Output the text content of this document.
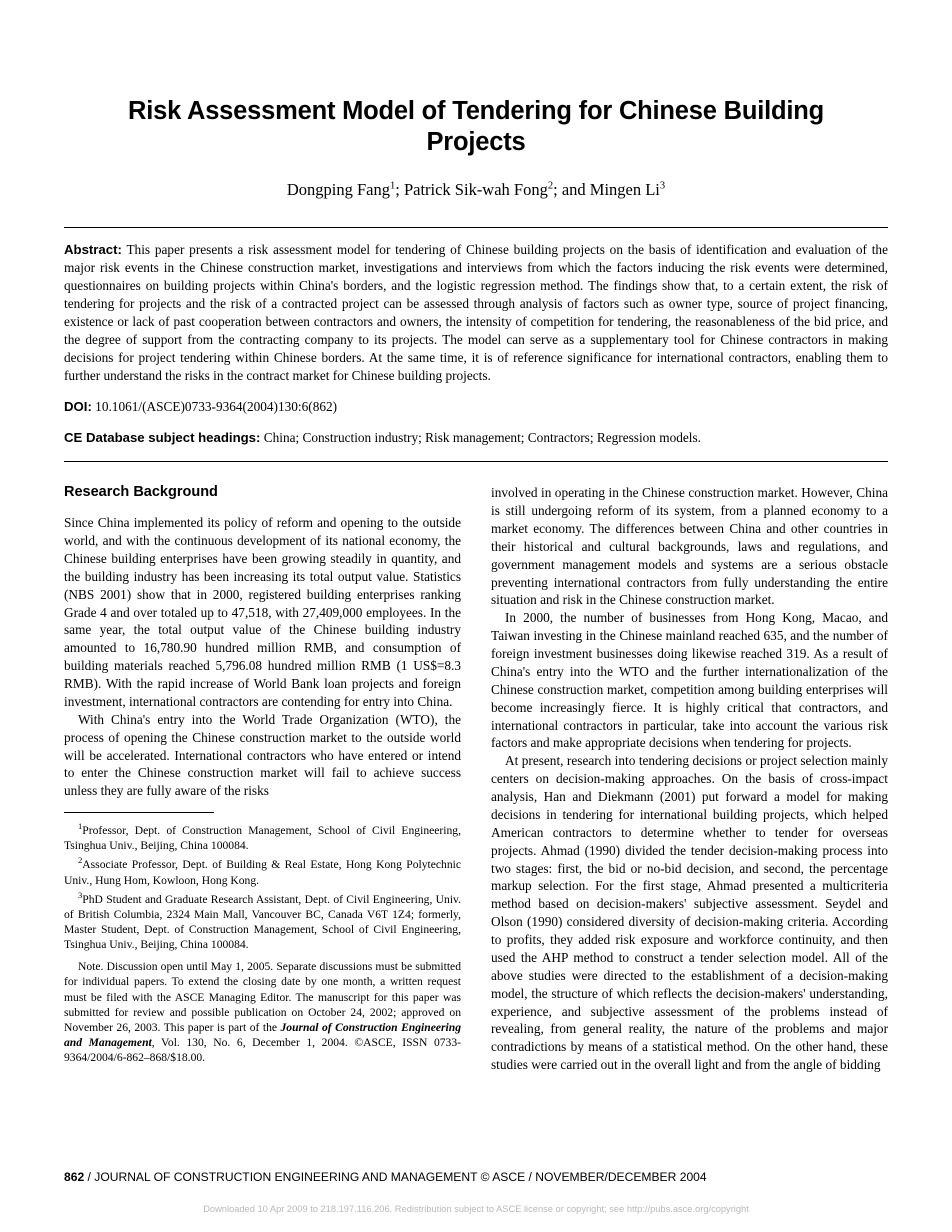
Risk Assessment Model of Tendering for Chinese Building Projects
Dongping Fang$^1$; Patrick Sik-wah Fong$^2$; and Mingen Li$^3$
Abstract: This paper presents a risk assessment model for tendering of Chinese building projects on the basis of identification and evaluation of the major risk events in the Chinese construction market, investigations and interviews from which the factors inducing the risk events were determined, questionnaires on building projects within China's borders, and the logistic regression method. The findings show that, to a certain extent, the risk of tendering for projects and the risk of a contracted project can be assessed through analysis of factors such as owner type, source of project financing, existence or lack of past cooperation between contractors and owners, the intensity of competition for tendering, the reasonableness of the bid price, and the degree of support from the contracting company to its projects. The model can serve as a supplementary tool for Chinese contractors in making decisions for project tendering within Chinese borders. At the same time, it is of reference significance for international contractors, enabling them to further understand the risks in the contract market for Chinese building projects.
DOI: 10.1061/(ASCE)0733-9364(2004)130:6(862)
CE Database subject headings: China; Construction industry; Risk management; Contractors; Regression models.
Research Background

Since China implemented its policy of reform and opening to the outside world, and with the continuous development of its national economy, the Chinese building enterprises have been growing steadily in quantity, and the building industry has been increasing its total output value. Statistics (NBS 2001) show that in 2000, registered building enterprises ranking Grade 4 and over totaled up to 47,518, with 27,409,000 employees. In the same year, the total output value of the Chinese building industry amounted to 16,780.90 hundred million RMB, and consumption of building materials reached 5,796.08 hundred million RMB (1 US$=8.3 RMB). With the rapid increase of World Bank loan projects and foreign investment, international contractors are contending for entry into China.

With China's entry into the World Trade Organization (WTO), the process of opening the Chinese construction market to the outside world will be accelerated. International contractors who have entered or intend to enter the Chinese construction market will fail to achieve success unless they are fully aware of the risks

$^1$Professor, Dept. of Construction Management, School of Civil Engineering, Tsinghua Univ., Beijing, China 100084.

$^2$Associate Professor, Dept. of Building & Real Estate, Hong Kong Polytechnic Univ., Hung Hom, Kowloon, Hong Kong.

$^3$PhD Student and Graduate Research Assistant, Dept. of Civil Engineering, Univ. of British Columbia, 2324 Main Mall, Vancouver BC, Canada V6T 1Z4; formerly, Master Student, Dept. of Construction Management, School of Civil Engineering, Tsinghua Univ., Beijing, China 100084.

Note. Discussion open until May 1, 2005. Separate discussions must be submitted for individual papers. To extend the closing date by one month, a written request must be filed with the ASCE Managing Editor. The manuscript for this paper was submitted for review and possible publication on October 24, 2002; approved on November 26, 2003. This paper is part of the Journal of Construction Engineering and Management, Vol. 130, No. 6, December 1, 2004. ©ASCE, ISSN 0733-9364/2004/6-862–868/$18.00.

involved in operating in the Chinese construction market. However, China is still undergoing reform of its system, from a planned economy to a market economy. The differences between China and other countries in their historical and cultural backgrounds, laws and regulations, and government management models and systems are a serious obstacle preventing international contractors from fully understanding the entire situation and risk in the Chinese construction market.

In 2000, the number of businesses from Hong Kong, Macao, and Taiwan investing in the Chinese mainland reached 635, and the number of foreign investment businesses doing likewise reached 319. As a result of China's entry into the WTO and the further internationalization of the Chinese construction market, competition among building enterprises will become increasingly fierce. It is highly critical that contractors, and international contractors in particular, take into account the various risk factors and make appropriate decisions when tendering for projects.

At present, research into tendering decisions or project selection mainly centers on decision-making approaches. On the basis of cross-impact analysis, Han and Diekmann (2001) put forward a model for making decisions in tendering for international building projects, which helped American contractors to determine whether to tender for overseas projects. Ahmad (1990) divided the tender decision-making process into two stages: first, the bid or no-bid decision, and second, the percentage markup selection. For the first stage, Ahmad presented a multicriteria method based on decision-makers' subjective assessment. Seydel and Olson (1990) considered diversity of decision-making criteria. According to profits, they added risk exposure and workforce continuity, and then used the AHP method to construct a tender selection model. All of the above studies were directed to the establishment of a decision-making model, the structure of which reflects the decision-makers' understanding, experience, and subjective assessment of the problems instead of revealing, from general reality, the nature of the problems and major contradictions by means of a statistical method. On the other hand, these studies were carried out in the overall light and from the angle of bidding

862 / JOURNAL OF CONSTRUCTION ENGINEERING AND MANAGEMENT © ASCE / NOVEMBER/DECEMBER 2004
Downloaded 10 Apr 2009 to 218.197.116.206. Redistribution subject to ASCE license or copyright; see http://pubs.asce.org/copyright
